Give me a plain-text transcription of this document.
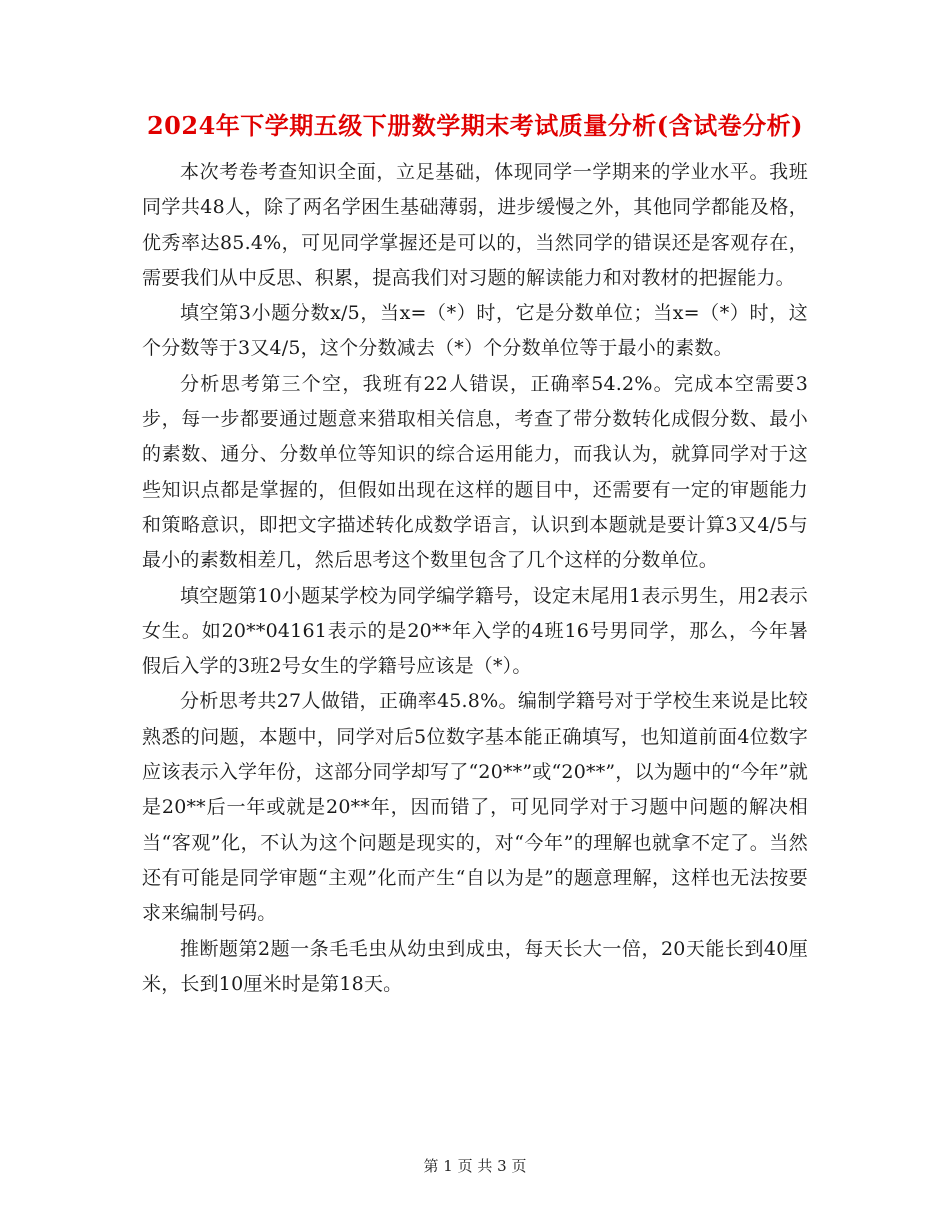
2024年下学期五级下册数学期末考试质量分析(含试卷分析)

本次考卷考查知识全面，立足基础，体现同学一学期来的学业水平。我班同学共48人，除了两名学困生基础薄弱，进步缓慢之外，其他同学都能及格，优秀率达85.4%，可见同学掌握还是可以的，当然同学的错误还是客观存在，需要我们从中反思、积累，提高我们对习题的解读能力和对教材的把握能力。

填空第3小题分数x/5，当x=（*）时，它是分数单位；当x=（*）时，这个分数等于3又4/5，这个分数减去（*）个分数单位等于最小的素数。

分析思考第三个空，我班有22人错误，正确率54.2%。完成本空需要3步，每一步都要通过题意来猎取相关信息，考查了带分数转化成假分数、最小的素数、通分、分数单位等知识的综合运用能力，而我认为，就算同学对于这些知识点都是掌握的，但假如出现在这样的题目中，还需要有一定的审题能力和策略意识，即把文字描述转化成数学语言，认识到本题就是要计算3又4/5与最小的素数相差几，然后思考这个数里包含了几个这样的分数单位。

填空题第10小题某学校为同学编学籍号，设定末尾用1表示男生，用2表示女生。如20**04161表示的是20**年入学的4班16号男同学，那么，今年暑假后入学的3班2号女生的学籍号应该是（*）。

分析思考共27人做错，正确率45.8%。编制学籍号对于学校生来说是比较熟悉的问题，本题中，同学对后5位数字基本能正确填写，也知道前面4位数字应该表示入学年份，这部分同学却写了“20**”或“20**”，以为题中的“今年”就是20**后一年或就是20**年，因而错了，可见同学对于习题中问题的解决相当“客观”化，不认为这个问题是现实的，对“今年”的理解也就拿不定了。当然还有可能是同学审题“主观”化而产生“自以为是”的题意理解，这样也无法按要求来编制号码。

推断题第2题一条毛毛虫从幼虫到成虫，每天长大一倍，20天能长到40厘米，长到10厘米时是第18天。

第 1 页 共 3 页
